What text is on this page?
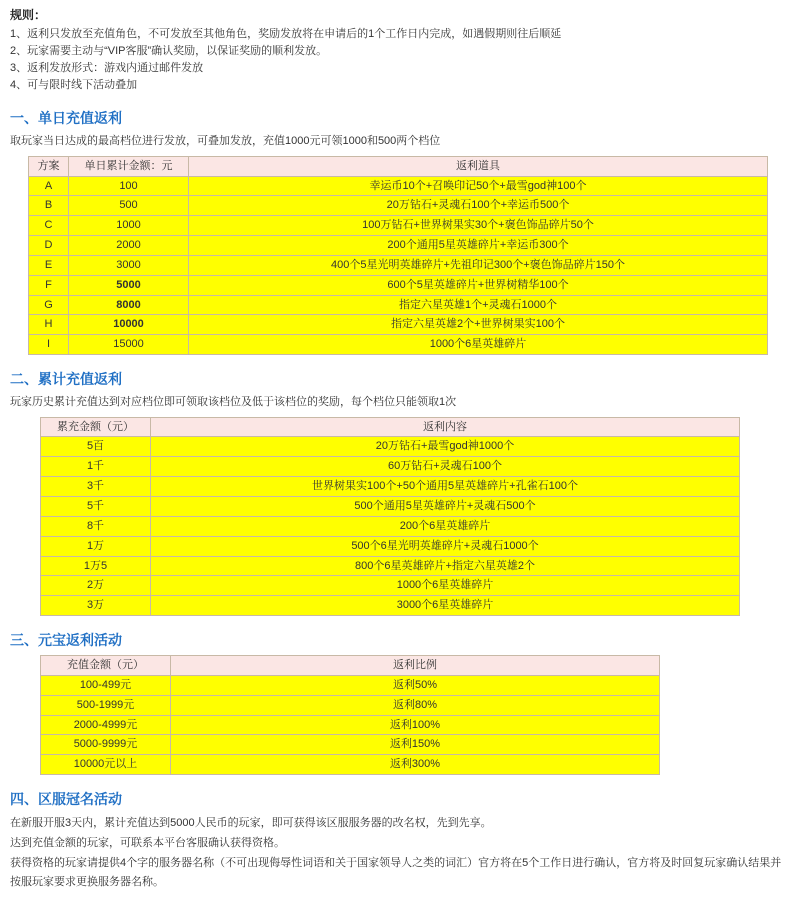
规则：
1、返利只发放至充值角色，不可发放至其他角色，奖励发放将在申请后的1个工作日内完成，如遇假期则往后顺延
2、玩家需要主动与“VIP客服”确认奖励，以保证奖励的顺利发放。
3、返利发放形式：游戏内通过邮件发放
4、可与限时线下活动叠加
一、单日充值返利

取玩家当日达成的最高档位进行发放，可叠加发放，充值1000元可领1000和500两个档位

方案	单日累计金额：元	返利道具
A	100	幸运币10个+召唤印记50个+最雪god神100个
B	500	20万钻石+灵魂石100个+幸运币500个
C	1000	100万钻石+世界树果实30个+褒色饰品碎片50个
D	2000	200个通用5星英雄碎片+幸运币300个
E	3000	400个5星光明英雄碎片+先祖印记300个+褒色饰品碎片150个
F	5000	600个5星英雄碎片+世界树精华100个
G	8000	指定六星英雄1个+灵魂石1000个
H	10000	指定六星英雄2个+世界树果实100个
I	15000	1000个6星英雄碎片
二、累计充值返利

玩家历史累计充值达到对应档位即可领取该档位及低于该档位的奖励，每个档位只能领取1次

累充金额（元）	返利内容
5百	20万钻石+最雪god神1000个
1千	60万钻石+灵魂石100个
3千	世界树果实100个+50个通用5星英雄碎片+孔雀石100个
5千	500个通用5星英雄碎片+灵魂石500个
8千	200个6星英雄碎片
1万	500个6星光明英雄碎片+灵魂石1000个
1万5	800个6星英雄碎片+指定六星英雄2个
2万	1000个6星英雄碎片
3万	3000个6星英雄碎片
三、元宝返利活动
充值金额（元）	返利比例
100-499元	返利50%
500-1999元	返利80%
2000-4999元	返利100%
5000-9999元	返利150%
10000元以上	返利300%
四、区服冠名活动

在新服开服3天内，累计充值达到5000人民币的玩家，即可获得该区服服务器的改名权，先到先享。

达到充值金额的玩家，可联系本平台客服确认获得资格。

获得资格的玩家请提供4个字的服务器名称（不可出现侮辱性词语和关于国家领导人之类的词汇）官方将在5个工作日进行确认，官方将及时回复玩家确认结果并按服玩家要求更换服务器名称。
